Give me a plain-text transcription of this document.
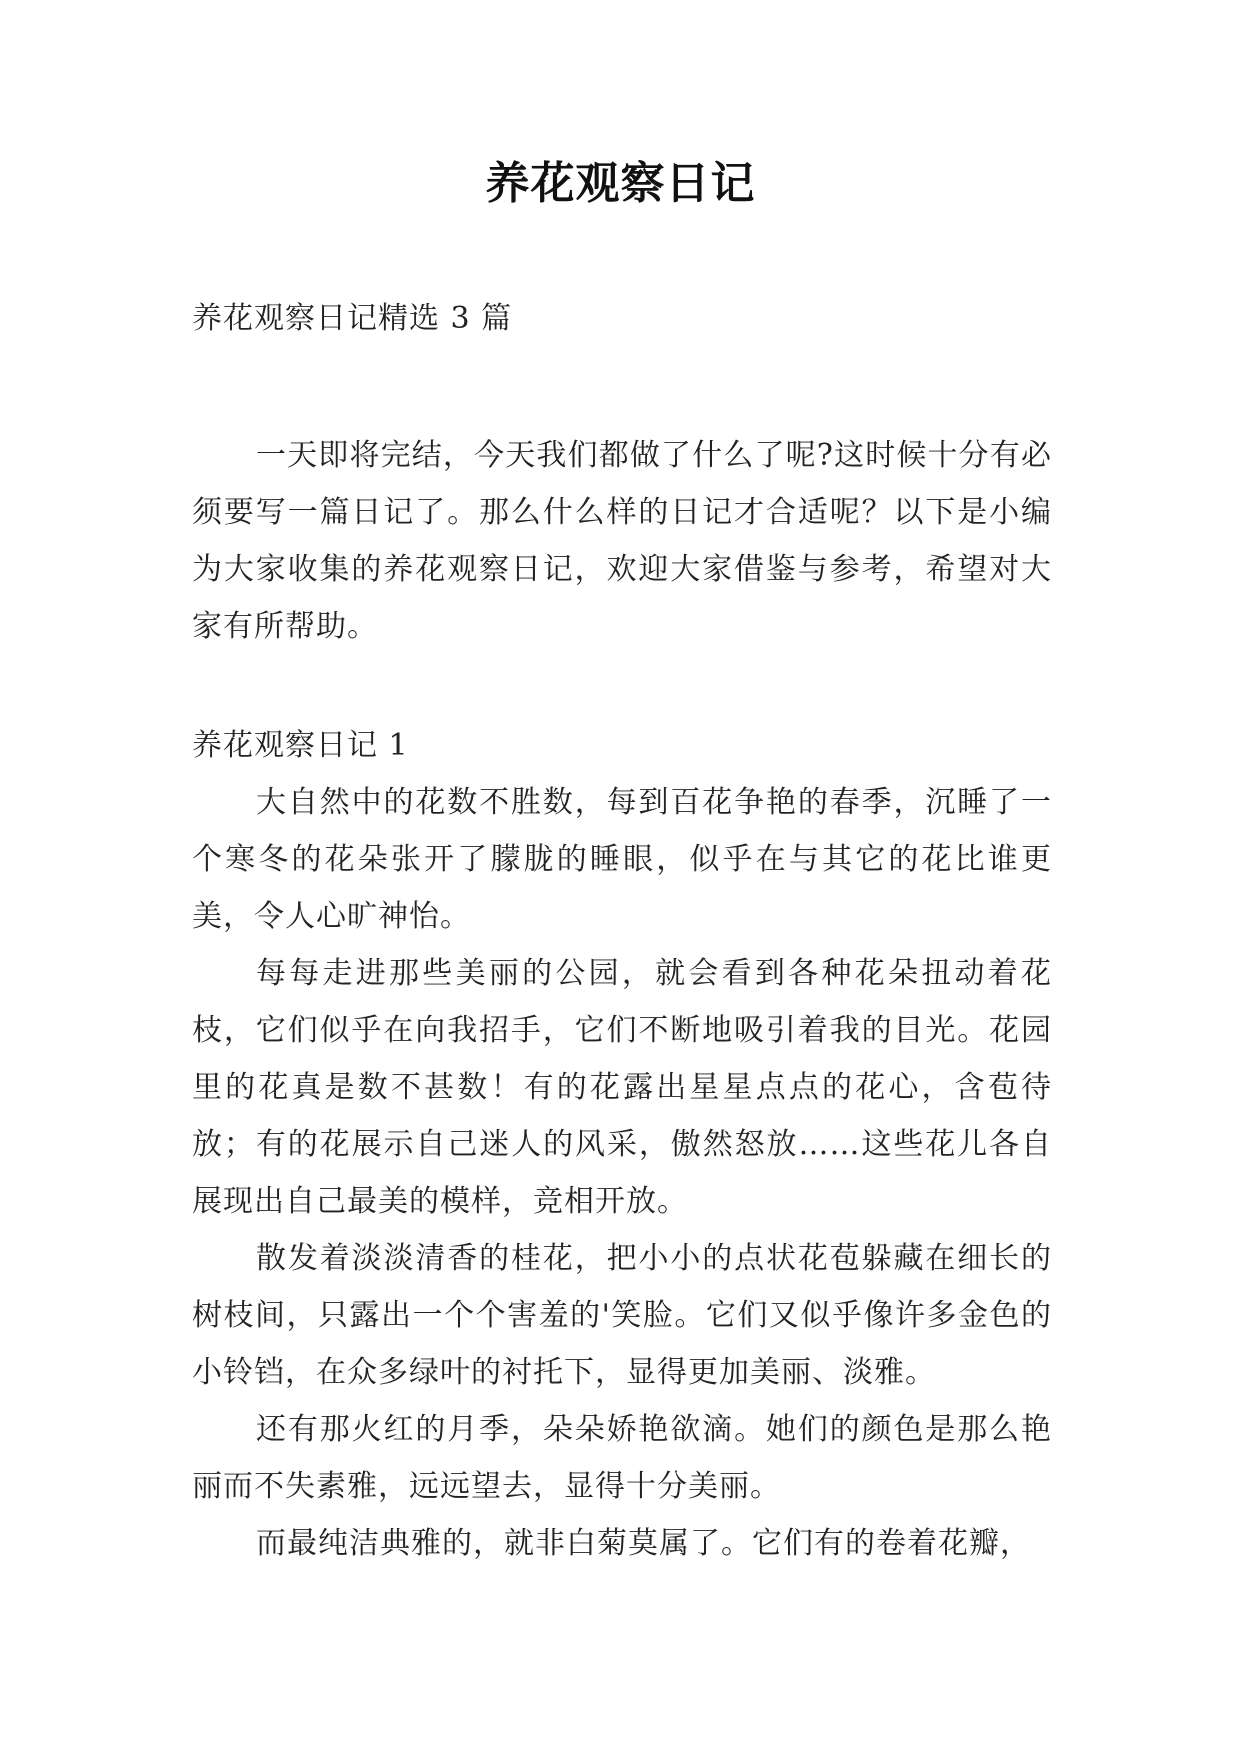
养花观察日记

养花观察日记精选 3 篇

一天即将完结，今天我们都做了什么了呢?这时候十分有必须要写一篇日记了。那么什么样的日记才合适呢？以下是小编为大家收集的养花观察日记，欢迎大家借鉴与参考，希望对大家有所帮助。

养花观察日记 1

大自然中的花数不胜数，每到百花争艳的春季，沉睡了一个寒冬的花朵张开了朦胧的睡眼，似乎在与其它的花比谁更美，令人心旷神怡。

每每走进那些美丽的公园，就会看到各种花朵扭动着花枝，它们似乎在向我招手，它们不断地吸引着我的目光。花园里的花真是数不甚数！有的花露出星星点点的花心，含苞待放；有的花展示自己迷人的风采，傲然怒放……这些花儿各自展现出自己最美的模样，竞相开放。

散发着淡淡清香的桂花，把小小的点状花苞躲藏在细长的树枝间，只露出一个个害羞的'笑脸。它们又似乎像许多金色的小铃铛，在众多绿叶的衬托下，显得更加美丽、淡雅。

还有那火红的月季，朵朵娇艳欲滴。她们的颜色是那么艳丽而不失素雅，远远望去，显得十分美丽。

而最纯洁典雅的，就非白菊莫属了。它们有的卷着花瓣，
